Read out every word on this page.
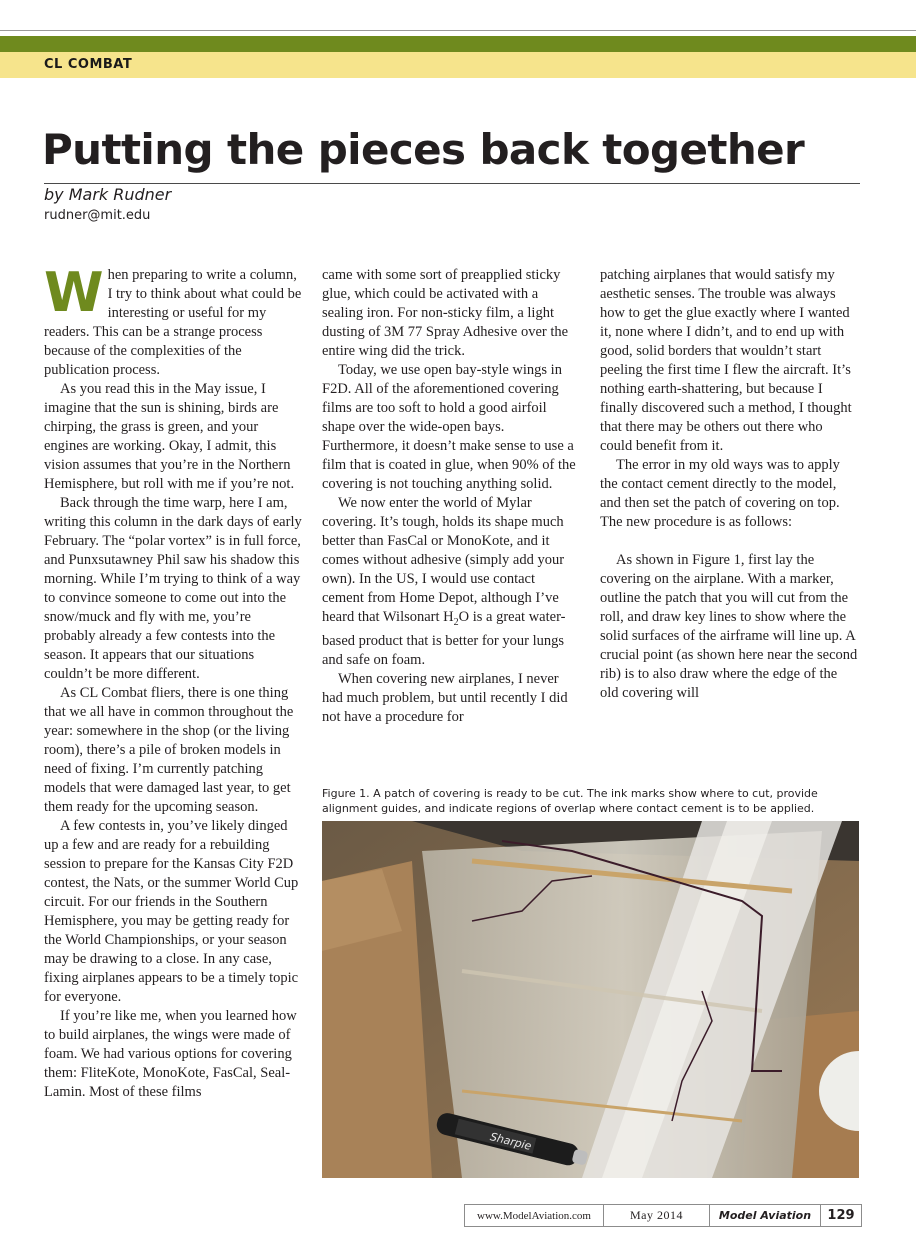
CL COMBAT
Putting the pieces back together
by Mark Rudner
rudner@mit.edu

When preparing to write a column, I try to think about what could be interesting or useful for my readers. This can be a strange process because of the complexities of the publication process.

As you read this in the May issue, I imagine that the sun is shining, birds are chirping, the grass is green, and your engines are working. Okay, I admit, this vision assumes that you’re in the Northern Hemisphere, but roll with me if you’re not.

Back through the time warp, here I am, writing this column in the dark days of early February. The “polar vortex” is in full force, and Punxsutawney Phil saw his shadow this morning. While I’m trying to think of a way to convince someone to come out into the snow/muck and fly with me, you’re probably already a few contests into the season. It appears that our situations couldn’t be more different.

As CL Combat fliers, there is one thing that we all have in common throughout the year: somewhere in the shop (or the living room), there’s a pile of broken models in need of fixing. I’m currently patching models that were damaged last year, to get them ready for the upcoming season.

A few contests in, you’ve likely dinged up a few and are ready for a rebuilding session to prepare for the Kansas City F2D contest, the Nats, or the summer World Cup circuit. For our friends in the Southern Hemisphere, you may be getting ready for the World Championships, or your season may be drawing to a close. In any case, fixing airplanes appears to be a timely topic for everyone.

If you’re like me, when you learned how to build airplanes, the wings were made of foam. We had various options for covering them: FliteKote, MonoKote, FasCal, Seal-Lamin. Most of these films

came with some sort of preapplied sticky glue, which could be activated with a sealing iron. For non-sticky film, a light dusting of 3M 77 Spray Adhesive over the entire wing did the trick.

Today, we use open bay-style wings in F2D. All of the aforementioned covering films are too soft to hold a good airfoil shape over the wide-open bays. Furthermore, it doesn’t make sense to use a film that is coated in glue, when 90% of the covering is not touching anything solid.

We now enter the world of Mylar covering. It’s tough, holds its shape much better than FasCal or MonoKote, and it comes without adhesive (simply add your own). In the US, I would use contact cement from Home Depot, although I’ve heard that Wilsonart $H_2O$ is a great water-based product that is better for your lungs and safe on foam.

When covering new airplanes, I never had much problem, but until recently I did not have a procedure for

patching airplanes that would satisfy my aesthetic senses. The trouble was always how to get the glue exactly where I wanted it, none where I didn’t, and to end up with good, solid borders that wouldn’t start peeling the first time I flew the aircraft. It’s nothing earth-shattering, but because I finally discovered such a method, I thought that there may be others out there who could benefit from it.

The error in my old ways was to apply the contact cement directly to the model, and then set the patch of covering on top. The new procedure is as follows:

As shown in Figure 1, first lay the covering on the airplane. With a marker, outline the patch that you will cut from the roll, and draw key lines to show where the solid surfaces of the airframe will line up. A crucial point (as shown here near the second rib) is to also draw where the edge of the old covering will

Figure 1. A patch of covering is ready to be cut. The ink marks show where to cut, provide alignment guides, and indicate regions of overlap where contact cement is to be applied.
Sharpie
www.ModelAviation.com	May 2014	Model Aviation	129
